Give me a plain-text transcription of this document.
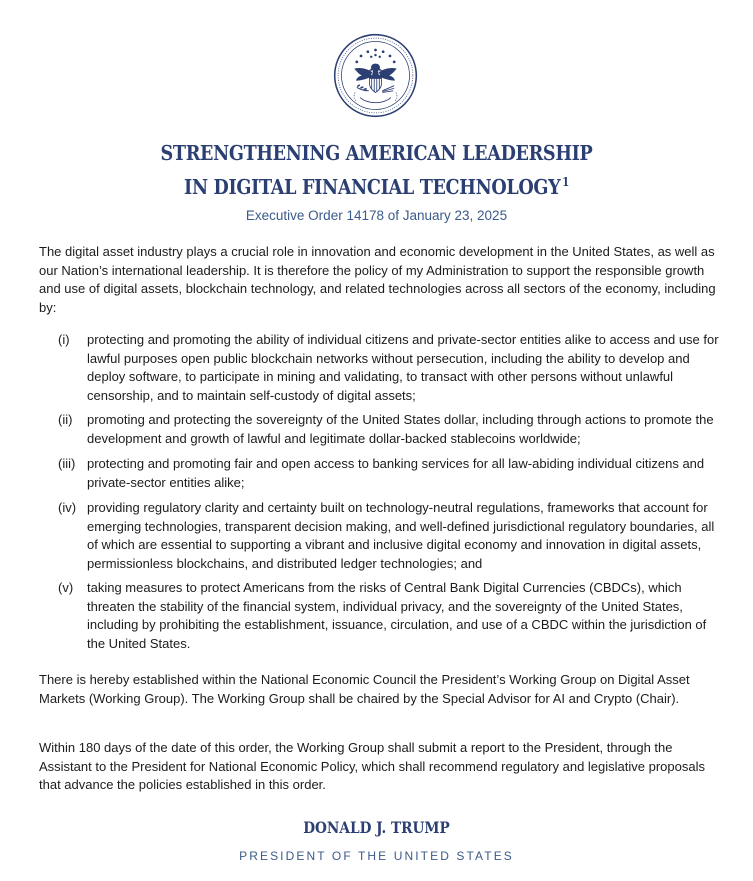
STRENGTHENING AMERICAN LEADERSHIP
IN DIGITAL FINANCIAL TECHNOLOGY $^1$

Executive Order 14178 of January 23, 2025

The digital asset industry plays a crucial role in innovation and economic development in the United States, as well as our Nation’s international leadership. It is therefore the policy of my Administration to support the responsible growth and use of digital assets, blockchain technology, and related technologies across all sectors of the economy, including by:

(i) protecting and promoting the ability of individual citizens and private-sector entities alike to access and use for lawful purposes open public blockchain networks without persecution, including the ability to develop and deploy software, to participate in mining and validating, to transact with other persons without unlawful censorship, and to maintain self-custody of digital assets;
(ii) promoting and protecting the sovereignty of the United States dollar, including through actions to promote the development and growth of lawful and legitimate dollar-backed stablecoins worldwide;
(iii) protecting and promoting fair and open access to banking services for all law-abiding individual citizens and private-sector entities alike;
(iv) providing regulatory clarity and certainty built on technology-neutral regulations, frameworks that account for emerging technologies, transparent decision making, and well-defined jurisdictional regulatory boundaries, all of which are essential to supporting a vibrant and inclusive digital economy and innovation in digital assets, permissionless blockchains, and distributed ledger technologies; and
(v) taking measures to protect Americans from the risks of Central Bank Digital Currencies (CBDCs), which threaten the stability of the financial system, individual privacy, and the sovereignty of the United States, including by prohibiting the establishment, issuance, circulation, and use of a CBDC within the jurisdiction of the United States.

There is hereby established within the National Economic Council the President’s Working Group on Digital Asset Markets (Working Group). The Working Group shall be chaired by the Special Advisor for AI and Crypto (Chair).

Within 180 days of the date of this order, the Working Group shall submit a report to the President, through the Assistant to the President for National Economic Policy, which shall recommend regulatory and legislative proposals that advance the policies established in this order.

DONALD J. TRUMP

PRESIDENT OF THE UNITED STATES
